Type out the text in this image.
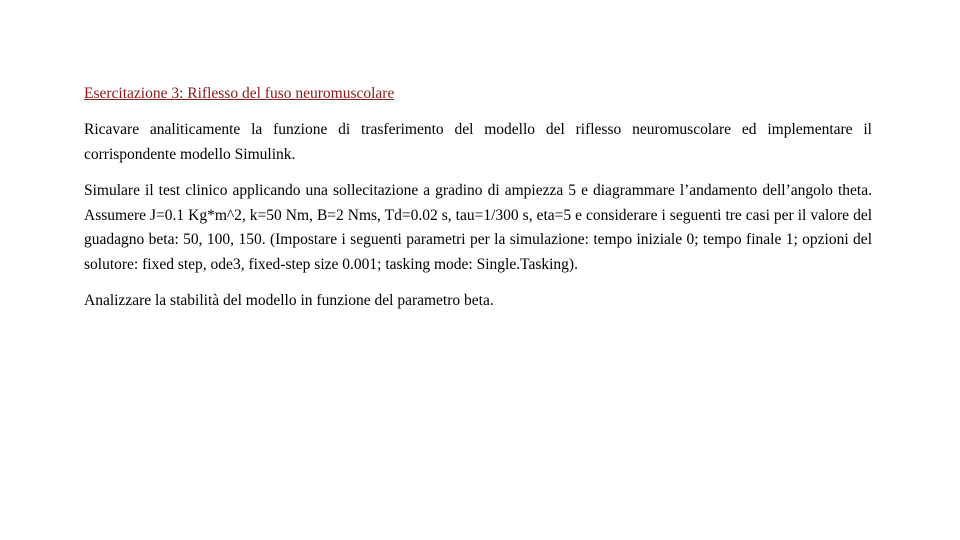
Esercitazione 3: Riflesso del fuso neuromuscolare

Ricavare analiticamente la funzione di trasferimento del modello del riflesso neuromuscolare ed implementare il corrispondente modello Simulink.

Simulare il test clinico applicando una sollecitazione a gradino di ampiezza 5 e diagrammare l’andamento dell’angolo theta. Assumere J=0.1 Kg*m^2, k=50 Nm, B=2 Nms, Td=0.02 s, tau=1/300 s, eta=5 e considerare i seguenti tre casi per il valore del guadagno beta: 50, 100, 150. (Impostare i seguenti parametri per la simulazione: tempo iniziale 0; tempo finale 1; opzioni del solutore: fixed step, ode3, fixed-step size 0.001; tasking mode: Single.Tasking).

Analizzare la stabilità del modello in funzione del parametro beta.
